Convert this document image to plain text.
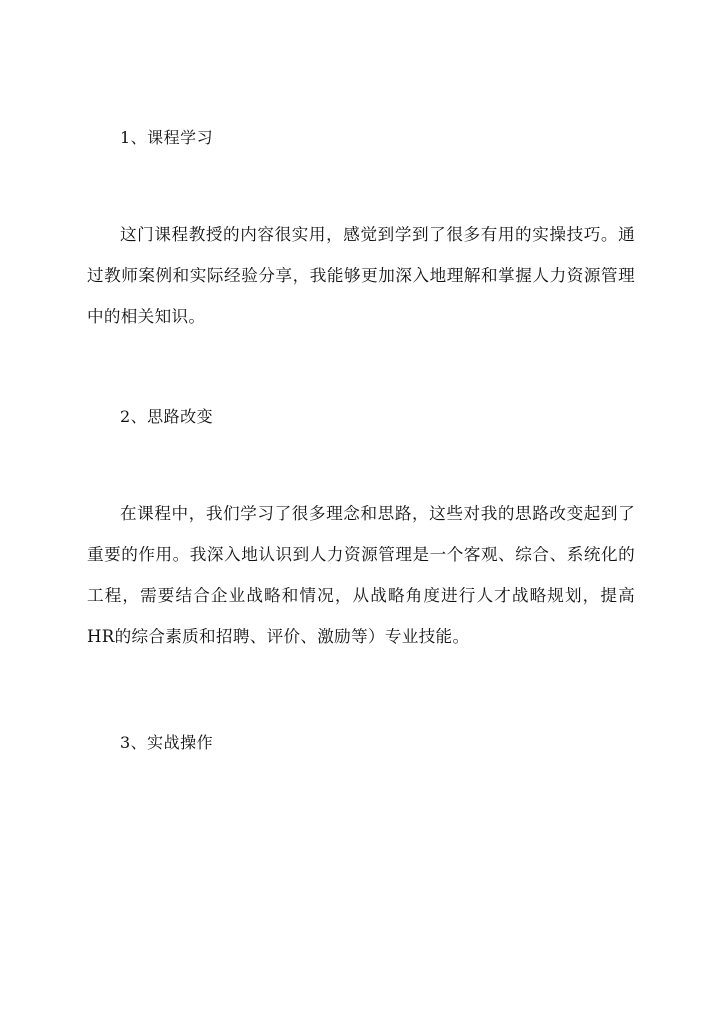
1、课程学习

这门课程教授的内容很实用，感觉到学到了很多有用的实操技巧。通过教师案例和实际经验分享，我能够更加深入地理解和掌握人力资源管理中的相关知识。

2、思路改变

在课程中，我们学习了很多理念和思路，这些对我的思路改变起到了重要的作用。我深入地认识到人力资源管理是一个客观、综合、系统化的工程，需要结合企业战略和情况，从战略角度进行人才战略规划，提高HR的综合素质和招聘、评价、激励等）专业技能。

3、实战操作
